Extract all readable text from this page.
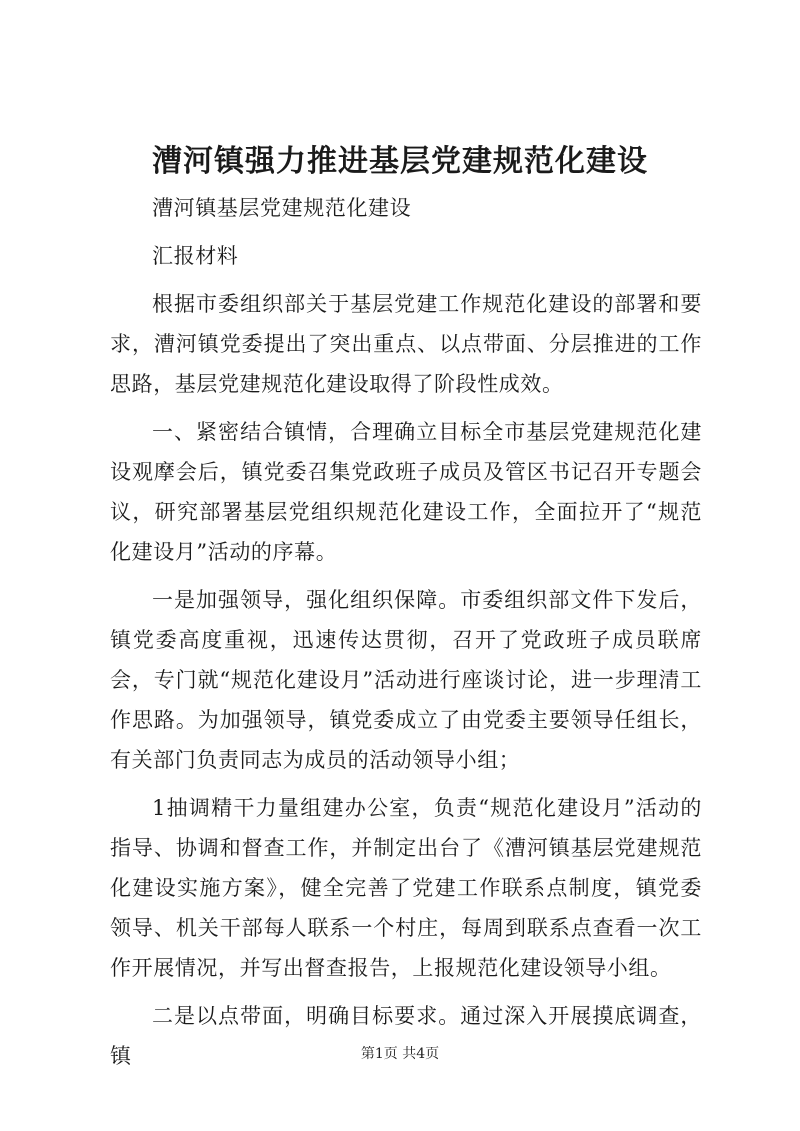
漕河镇强力推进基层党建规范化建设

漕河镇基层党建规范化建设

汇报材料

根据市委组织部关于基层党建工作规范化建设的部署和要求，漕河镇党委提出了突出重点、以点带面、分层推进的工作思路，基层党建规范化建设取得了阶段性成效。

一、紧密结合镇情，合理确立目标全市基层党建规范化建设观摩会后，镇党委召集党政班子成员及管区书记召开专题会议，研究部署基层党组织规范化建设工作，全面拉开了“规范化建设月”活动的序幕。

一是加强领导，强化组织保障。市委组织部文件下发后，镇党委高度重视，迅速传达贯彻，召开了党政班子成员联席会，专门就“规范化建设月”活动进行座谈讨论，进一步理清工作思路。为加强领导，镇党委成立了由党委主要领导任组长，有关部门负责同志为成员的活动领导小组；

1抽调精干力量组建办公室，负责“规范化建设月”活动的指导、协调和督查工作，并制定出台了《漕河镇基层党建规范化建设实施方案》，健全完善了党建工作联系点制度，镇党委领导、机关干部每人联系一个村庄，每周到联系点查看一次工作开展情况，并写出督查报告，上报规范化建设领导小组。

二是以点带面，明确目标要求。通过深入开展摸底调查，镇	第1页 共4页
